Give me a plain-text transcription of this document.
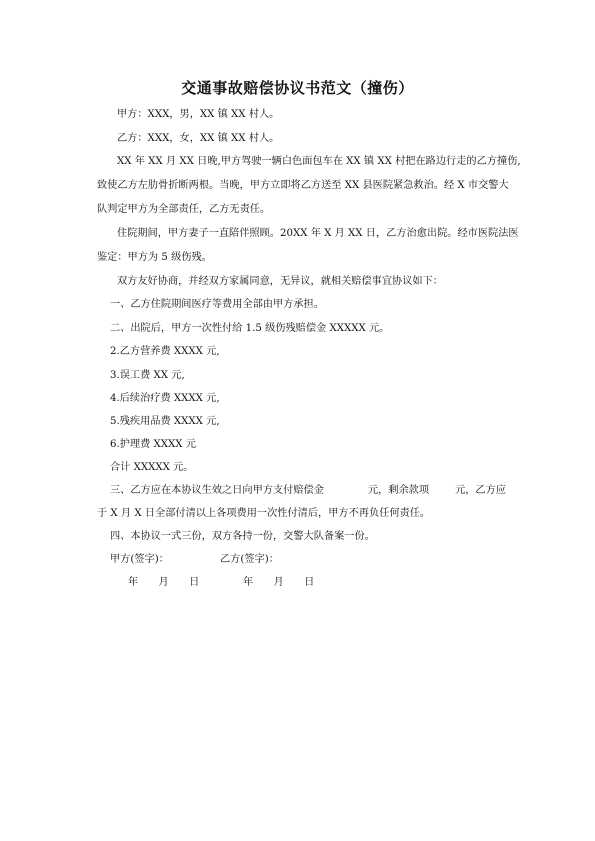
交通事故赔偿协议书范文（撞伤）
甲方：XXX，男，XX 镇 XX 村人。
乙方：XXX，女，XX 镇 XX 村人。
XX 年 XX 月 XX 日晚,甲方驾驶一辆白色面包车在 XX 镇 XX 村把在路边行走的乙方撞伤,
致使乙方左肋骨折断两根。当晚，甲方立即将乙方送至 XX 县医院紧急救治。经 X 市交警大
队判定甲方为全部责任，乙方无责任。
住院期间，甲方妻子一直陪伴照顾。20XX 年 X 月 XX 日，乙方治愈出院。经市医院法医
鉴定：甲方为 5 级伤残。
双方友好协商，并经双方家属同意，无异议，就相关赔偿事宜协议如下：
一、乙方住院期间医疗等费用全部由甲方承担。
二、出院后，甲方一次性付给 1.5 级伤残赔偿金 XXXXX 元。
2.乙方营养费 XXXX 元,
3.误工费 XX 元,
4.后续治疗费 XXXX 元,
5.残疾用品费 XXXX 元,
6.护理费 XXXX 元
合计 XXXXX 元。
三、乙方应在本协议生效之日向甲方支付赔偿金	元，剩余款项	元，乙方应
于 X 月 X 日全部付清以上各项费用一次性付清后，甲方不再负任何责任。
四、本协议一式三份，双方各持一份，交警大队备案一份。
甲方(签字)：	乙方(签字)：
年　　月　　日	年　　月　　日
